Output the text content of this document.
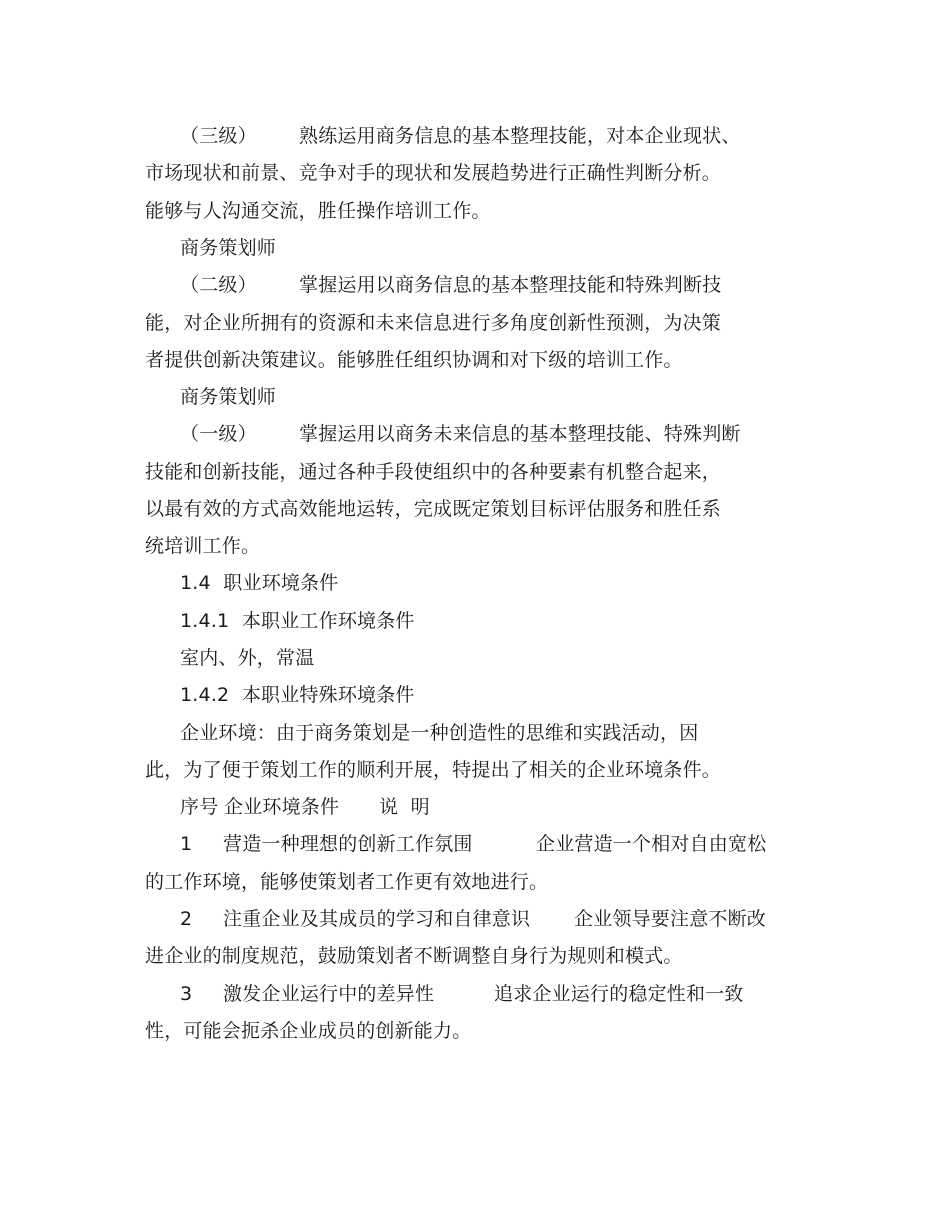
（三级）

熟练运用商务信息的基本整理技能，对本企业现状、

市场现状和前景、竞争对手的现状和发展趋势进行正确性判断分析。
能够与人沟通交流，胜任操作培训工作。
商务策划师

（二级）

掌握运用以商务信息的基本整理技能和特殊判断技

能，对企业所拥有的资源和未来信息进行多角度创新性预测，为决策
者提供创新决策建议。能够胜任组织协调和对下级的培训工作。
商务策划师

（一级）

掌握运用以商务未来信息的基本整理技能、特殊判断

技能和创新技能，通过各种手段使组织中的各种要素有机整合起来，
以最有效的方式高效能地运转，完成既定策划目标评估服务和胜任系
统培训工作。
1.4  职业环境条件
1.4.1  本职业工作环境条件
室内、外，常温
1.4.2  本职业特殊环境条件
企业环境：由于商务策划是一种创造性的思维和实践活动，因
此，为了便于策划工作的顺利开展，特提出了相关的企业环境条件。

序号

企业环境条件

说  明

1

营造一种理想的创新工作氛围

	企业营造一个相对自由宽松

的工作环境，能够使策划者工作更有效地进行。

2

注重企业及其成员的学习和自律意识

企业领导要注意不断改

进企业的制度规范，鼓励策划者不断调整自身行为规则和模式。

3

激发企业运行中的差异性

	追求企业运行的稳定性和一致

性，可能会扼杀企业成员的创新能力。
